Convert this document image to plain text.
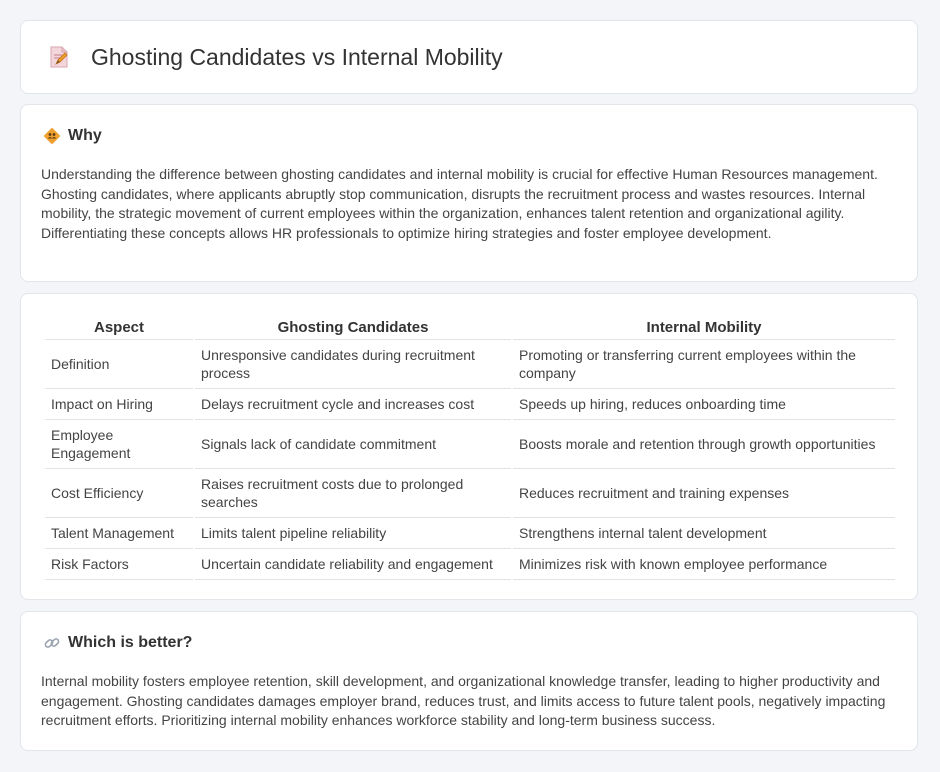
Ghosting Candidates vs Internal Mobility
Why

Understanding the difference between ghosting candidates and internal mobility is crucial for effective Human Resources management. Ghosting candidates, where applicants abruptly stop communication, disrupts the recruitment process and wastes resources. Internal mobility, the strategic movement of current employees within the organization, enhances talent retention and organizational agility. Differentiating these concepts allows HR professionals to optimize hiring strategies and foster employee development.

Aspect	Ghosting Candidates	Internal Mobility
Definition	Unresponsive candidates during recruitment process	Promoting or transferring current employees within the company
Impact on Hiring	Delays recruitment cycle and increases cost	Speeds up hiring, reduces onboarding time
Employee Engagement	Signals lack of candidate commitment	Boosts morale and retention through growth opportunities
Cost Efficiency	Raises recruitment costs due to prolonged searches	Reduces recruitment and training expenses
Talent Management	Limits talent pipeline reliability	Strengthens internal talent development
Risk Factors	Uncertain candidate reliability and engagement	Minimizes risk with known employee performance
Which is better?

Internal mobility fosters employee retention, skill development, and organizational knowledge transfer, leading to higher productivity and engagement. Ghosting candidates damages employer brand, reduces trust, and limits access to future talent pools, negatively impacting recruitment efforts. Prioritizing internal mobility enhances workforce stability and long-term business success.
